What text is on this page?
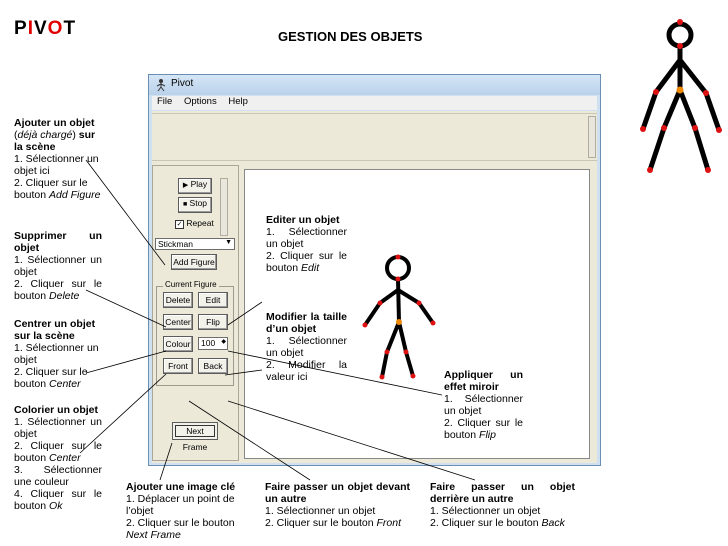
PIVOT	GESTION DES OBJETS
Pivot
File Options Help
▶ Play
■ Stop
✓ Repeat
Stickman	▼
Add Figure
Current Figure
Delete	Edit
Center	Flip
Colour	100 ◆
Front	Back
Next Frame
Ajouter un objet (déjà chargé) sur la scène
1. Sélectionner un objet ici
2. Cliquer sur le bouton Add Figure
Supprimer un objet
1. Sélectionner un objet
2. Cliquer sur le bouton Delete
Centrer un objet sur la scène
1. Sélectionner un objet
2. Cliquer sur le bouton Center
Colorier un objet
1. Sélectionner un objet
2. Cliquer sur le bouton Center
3. Sélectionner une couleur
4. Cliquer sur le bouton Ok
Ajouter une image clé
1. Déplacer un point de l’objet
2. Cliquer sur le bouton
Next Frame
Faire passer un objet devant un autre
1. Sélectionner un objet
2. Cliquer sur le bouton Front
Faire passer un objet derrière un autre
1. Sélectionner un objet
2. Cliquer sur le bouton Back
Editer un objet
1. Sélectionner un objet
2. Cliquer sur le bouton Edit
Modifier la taille d’un objet
1. Sélectionner un objet
2. Modifier la valeur ici	Appliquer un effet miroir
1. Sélectionner un objet
2. Cliquer sur le bouton Flip
